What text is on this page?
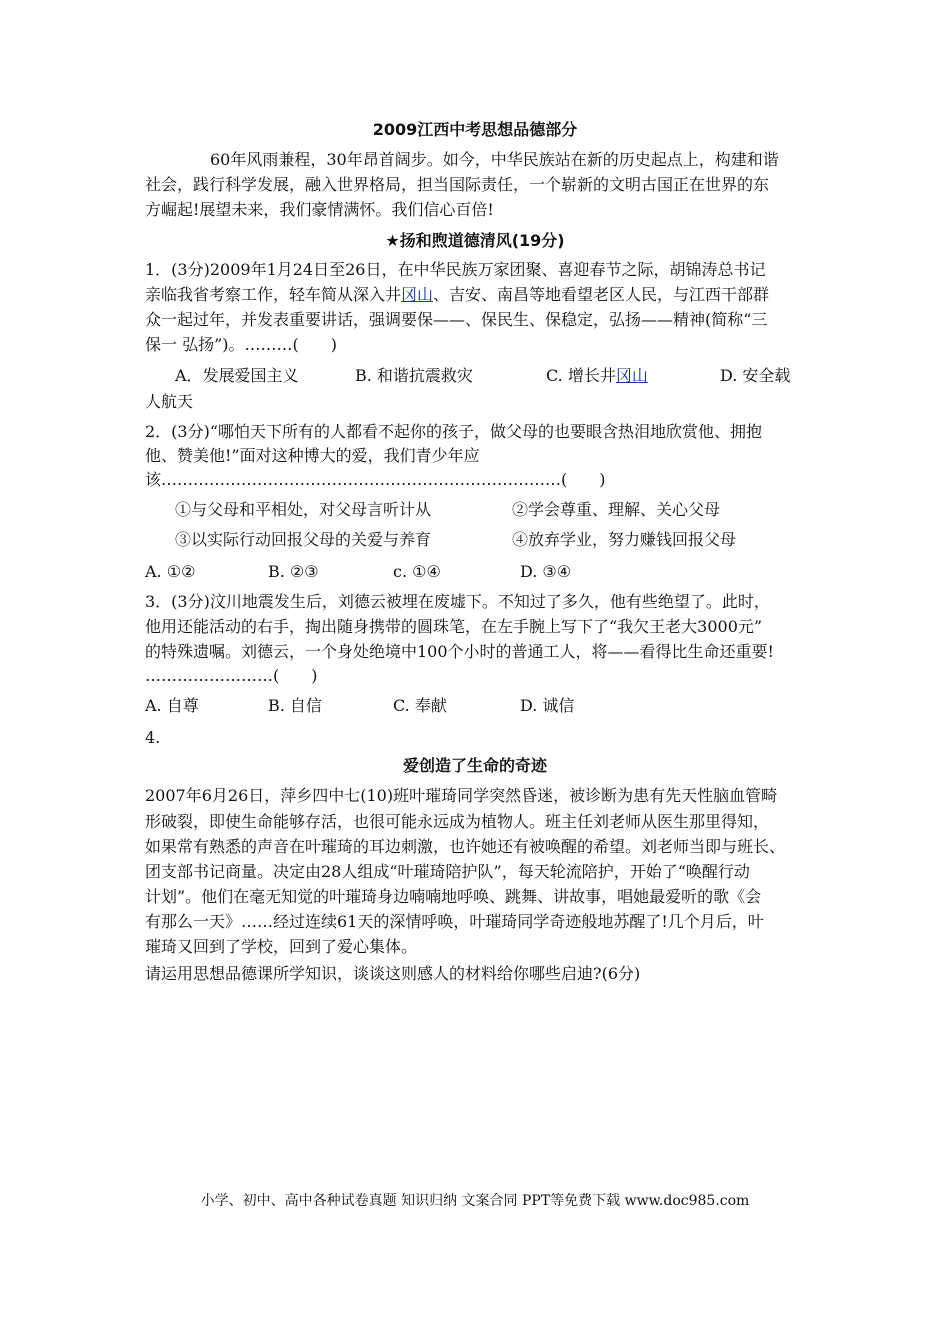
2009江西中考思想品德部分
60年风雨兼程，30年昂首阔步。如今，中华民族站在新的历史起点上，构建和谐
社会，践行科学发展，融入世界格局，担当国际责任，一个崭新的文明古国正在世界的东
方崛起!展望未来，我们豪情满怀。我们信心百倍!
★扬和煦道德清风(19分)
1．(3分)2009年1月24日至26日，在中华民族万家团聚、喜迎春节之际，胡锦涛总书记
亲临我省考察工作，轻车简从深入井冈山、吉安、南昌等地看望老区人民，与江西干部群
众一起过年，并发表重要讲话，强调要保——、保民生、保稳定，弘扬——精神(简称“三
保一 弘扬”)。………(　　)
A．发展爱国主义	B. 和谐抗震救灾	C. 增长井冈山	D. 安全载
人航天
2．(3分)“哪怕天下所有的人都看不起你的孩子，做父母的也要眼含热泪地欣赏他、拥抱
他、赞美他!”面对这种博大的爱，我们青少年应
该…………………………………………………………………(　　)
①与父母和平相处，对父母言听计从	②学会尊重、理解、关心父母
③以实际行动回报父母的关爱与养育	④放弃学业，努力赚钱回报父母
A. ①②	B. ②③	c. ①④	D. ③④
3．(3分)汶川地震发生后，刘德云被埋在废墟下。不知过了多久，他有些绝望了。此时，
他用还能活动的右手，掏出随身携带的圆珠笔，在左手腕上写下了“我欠王老大3000元”
的特殊遗嘱。刘德云，一个身处绝境中100个小时的普通工人，将——看得比生命还重要!
……………………(　　)
A. 自尊	B. 自信	C. 奉献	D. 诚信
4.
爱创造了生命的奇迹
2007年6月26日，萍乡四中七(10)班叶璀琦同学突然昏迷，被诊断为患有先天性脑血管畸
形破裂，即使生命能够存活，也很可能永远成为植物人。班主任刘老师从医生那里得知，
如果常有熟悉的声音在叶璀琦的耳边刺激，也许她还有被唤醒的希望。刘老师当即与班长、
团支部书记商量。决定由28人组成“叶璀琦陪护队”，每天轮流陪护，开始了“唤醒行动
计划”。他们在毫无知觉的叶璀琦身边喃喃地呼唤、跳舞、讲故事，唱她最爱听的歌《会
有那么一天》……经过连续61天的深情呼唤，叶璀琦同学奇迹般地苏醒了!几个月后，叶
璀琦又回到了学校，回到了爱心集体。
请运用思想品德课所学知识，谈谈这则感人的材料给你哪些启迪?(6分)
小学、初中、高中各种试卷真题 知识归纳 文案合同 PPT等免费下载 www.doc985.com
